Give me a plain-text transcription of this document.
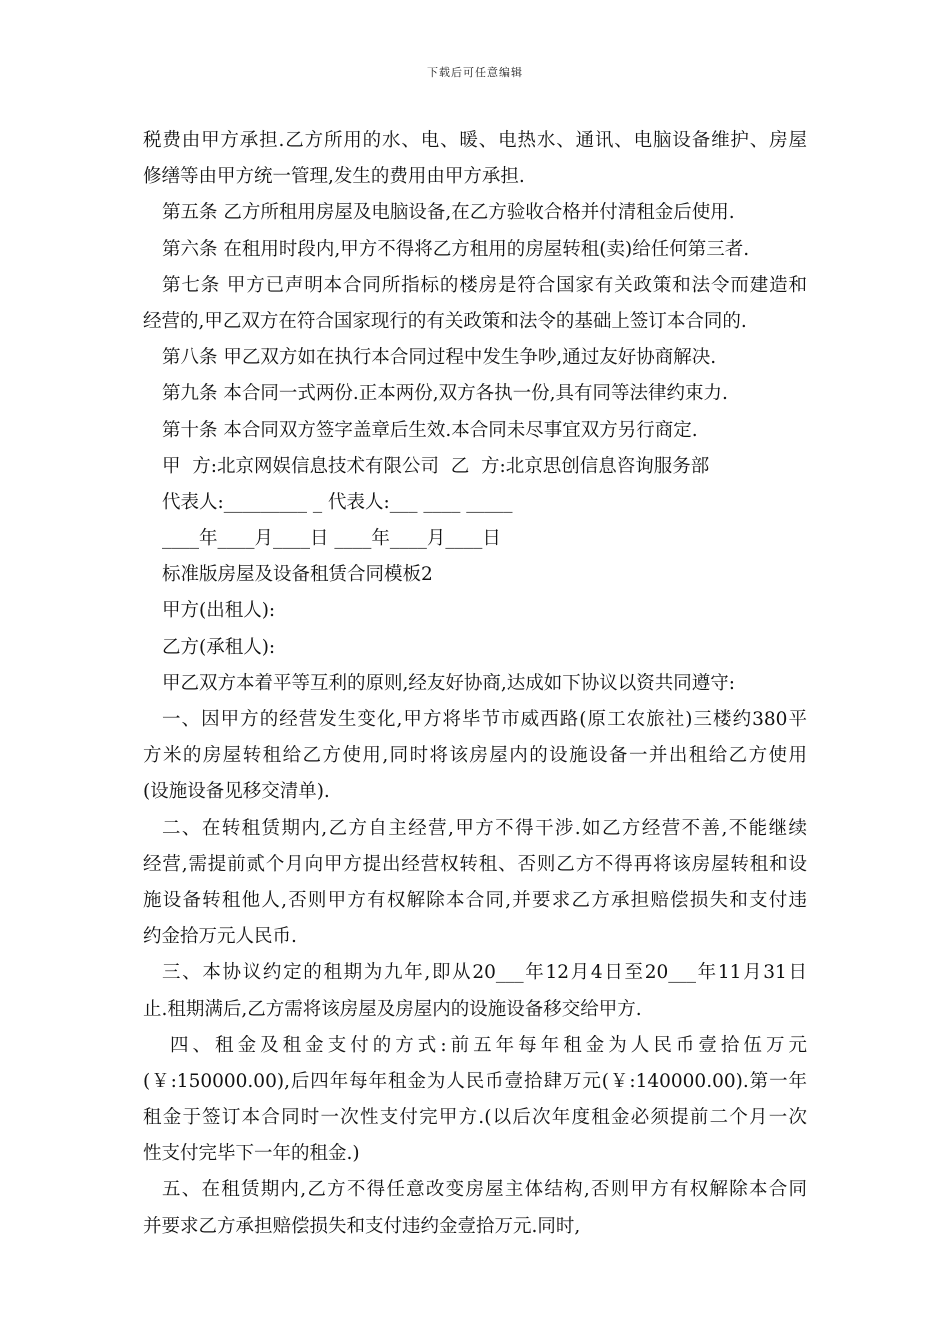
下载后可任意编辑
税费由甲方承担.乙方所用的水、电、暖、电热水、通讯、电脑设备维护、房屋
修缮等由甲方统一管理,发生的费用由甲方承担.
第五条 乙方所租用房屋及电脑设备,在乙方验收合格并付清租金后使用.
第六条 在租用时段内,甲方不得将乙方租用的房屋转租(卖)给任何第三者.
第七条 甲方已声明本合同所指标的楼房是符合国家有关政策和法令而建造和
经营的,甲乙双方在符合国家现行的有关政策和法令的基础上签订本合同的.
第八条 甲乙双方如在执行本合同过程中发生争吵,通过友好协商解决.
第九条 本合同一式两份.正本两份,双方各执一份,具有同等法律约束力.
第十条 本合同双方签字盖章后生效.本合同未尽事宜双方另行商定.
甲  方:北京网娱信息技术有限公司  乙  方:北京思创信息咨询服务部
代表人:_________ _ 代表人:___ ____ _____
____年____月____日 ____年____月____日
标准版房屋及设备租赁合同模板2
甲方(出租人):
乙方(承租人):
甲乙双方本着平等互利的原则,经友好协商,达成如下协议以资共同遵守:
一、因甲方的经营发生变化,甲方将毕节市威西路(原工农旅社)三楼约380平
方米的房屋转租给乙方使用,同时将该房屋内的设施设备一并出租给乙方使用
(设施设备见移交清单).
二、在转租赁期内,乙方自主经营,甲方不得干涉.如乙方经营不善,不能继续
经营,需提前贰个月向甲方提出经营权转租、否则乙方不得再将该房屋转租和设
施设备转租他人,否则甲方有权解除本合同,并要求乙方承担赔偿损失和支付违
约金拾万元人民币.
三、本协议约定的租期为九年,即从20___年12月4日至20___年11月31日
止.租期满后,乙方需将该房屋及房屋内的设施设备移交给甲方.
四、租金及租金支付的方式:前五年每年租金为人民币壹拾伍万元
(￥:150000.00),后四年每年租金为人民币壹拾肆万元(￥:140000.00).第一年
租金于签订本合同时一次性支付完甲方.(以后次年度租金必须提前二个月一次
性支付完毕下一年的租金.)
五、在租赁期内,乙方不得任意改变房屋主体结构,否则甲方有权解除本合同
并要求乙方承担赔偿损失和支付违约金壹拾万元.同时,
